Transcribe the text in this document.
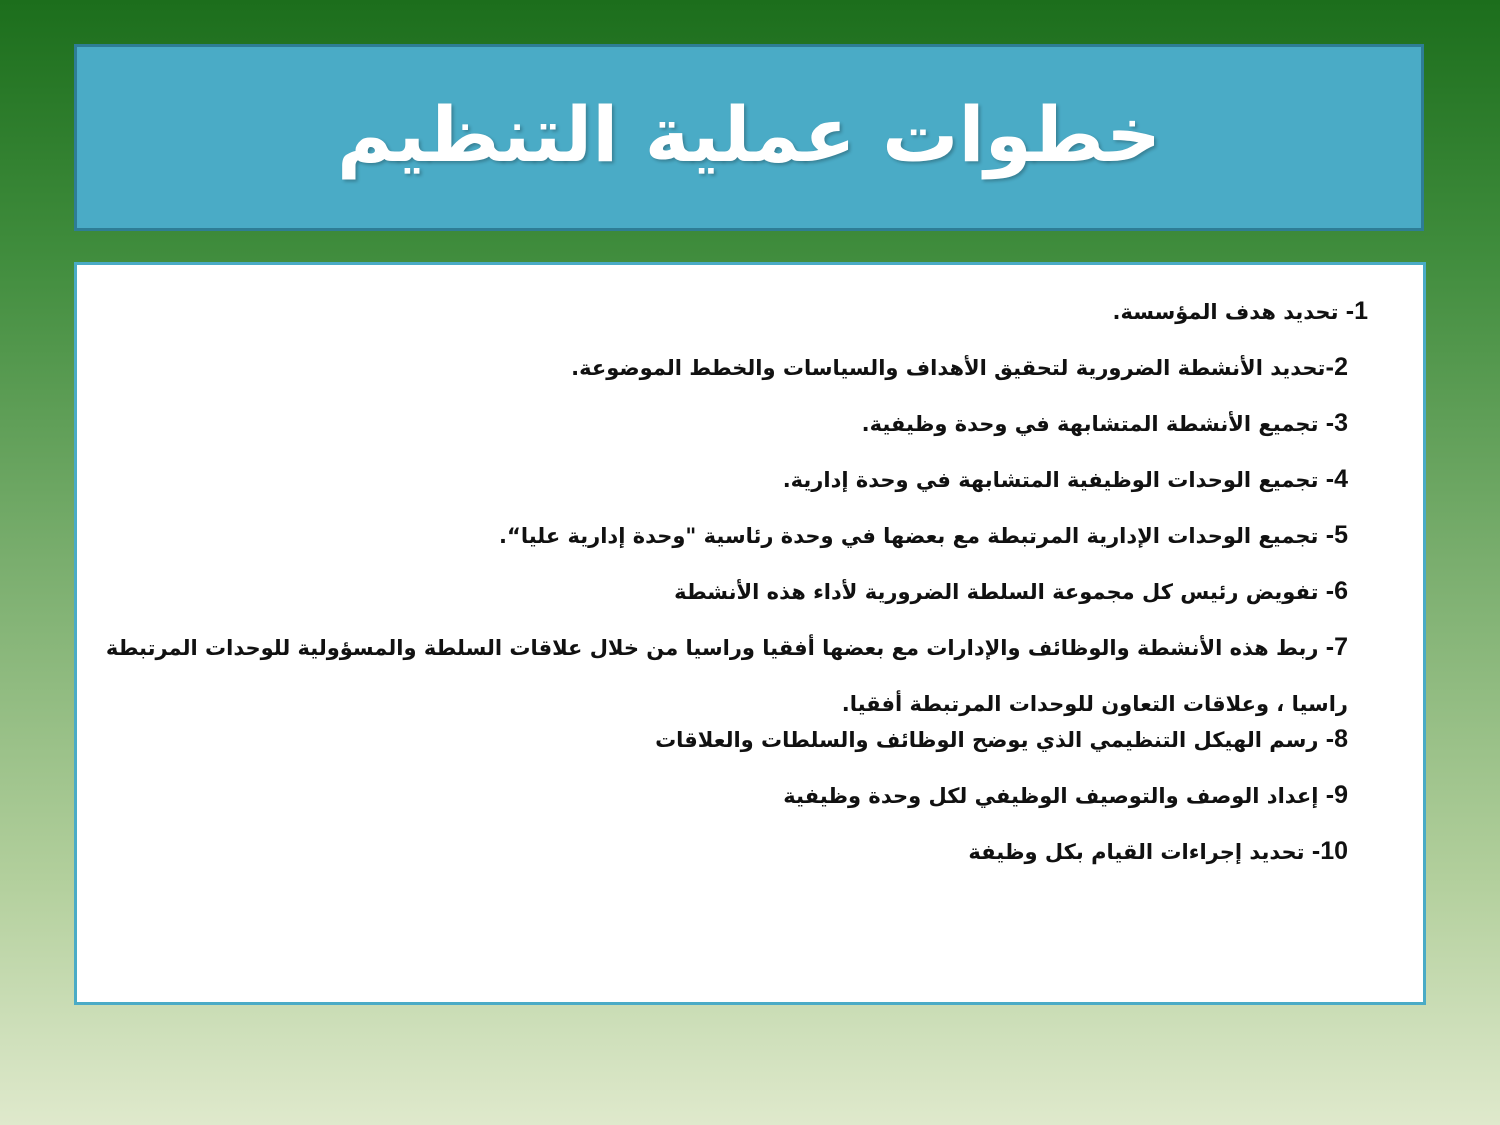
خطوات عملية التنظيم
1- تحديد هدف المؤسسة.
2-تحديد الأنشطة الضرورية لتحقيق الأهداف والسياسات والخطط الموضوعة.
3- تجميع الأنشطة المتشابهة في وحدة وظيفية.
4- تجميع الوحدات الوظيفية المتشابهة في وحدة إدارية.
5- تجميع الوحدات الإدارية المرتبطة مع بعضها في وحدة رئاسية "وحدة إدارية عليا“.
6- تفويض رئيس كل مجموعة السلطة الضرورية لأداء هذه الأنشطة
7- ربط هذه الأنشطة والوظائف والإدارات مع بعضها أفقيا وراسيا من خلال علاقات السلطة والمسؤولية للوحدات المرتبطة راسيا ، وعلاقات التعاون للوحدات المرتبطة أفقيا.
8- رسم الهيكل التنظيمي الذي يوضح الوظائف والسلطات والعلاقات
9- إعداد الوصف والتوصيف الوظيفي لكل وحدة وظيفية
10- تحديد إجراءات القيام بكل وظيفة
